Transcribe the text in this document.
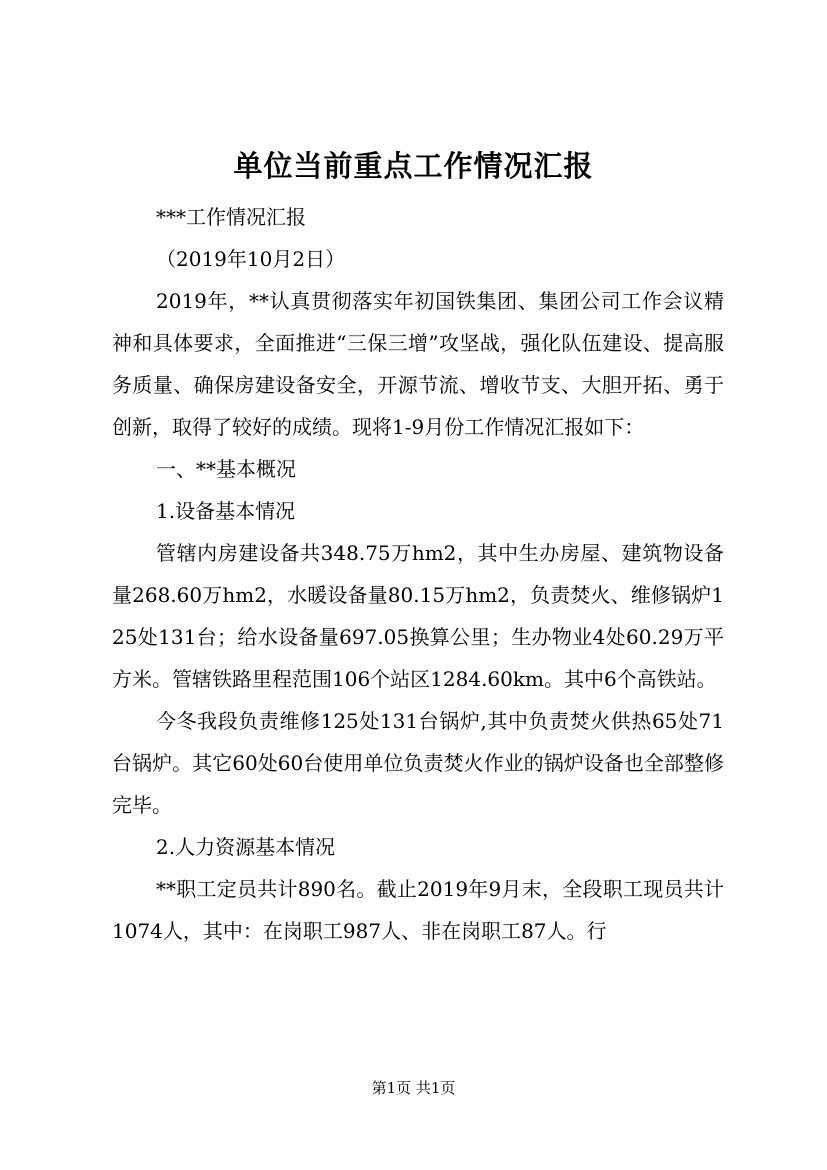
单位当前重点工作情况汇报

***工作情况汇报

（2019年10月2日）

2019年，**认真贯彻落实年初国铁集团、集团公司工作会议精神和具体要求，全面推进“三保三增”攻坚战，强化队伍建设、提高服务质量、确保房建设备安全，开源节流、增收节支、大胆开拓、勇于创新，取得了较好的成绩。现将1-9月份工作情况汇报如下：

一、**基本概况

1.设备基本情况

管辖内房建设备共348.75万hm2，其中生办房屋、建筑物设备量268.60万hm2，水暖设备量80.15万hm2，负责焚火、维修锅炉125处131台；给水设备量697.05换算公里；生办物业4处60.29万平方米。管辖铁路里程范围106个站区1284.60km。其中6个高铁站。

今冬我段负责维修125处131台锅炉,其中负责焚火供热65处71台锅炉。其它60处60台使用单位负责焚火作业的锅炉设备也全部整修完毕。

2.人力资源基本情况

**职工定员共计890名。截止2019年9月末，全段职工现员共计1074人，其中：在岗职工987人、非在岗职工87人。行

第1页 共1页
